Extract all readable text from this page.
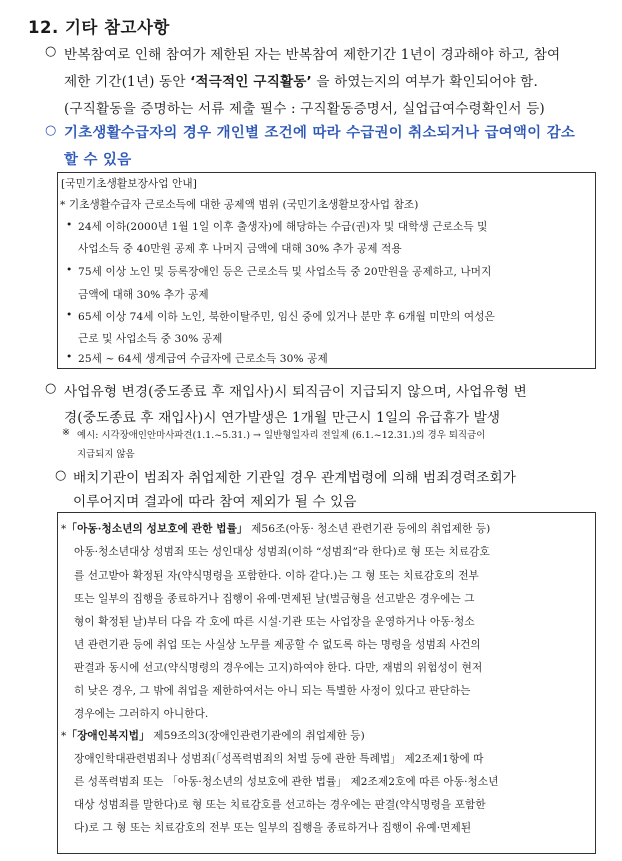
12. 기타 참고사항
○ 반복참여로 인해 참여가 제한된 자는 반복참여 제한기간 1년이 경과해야 하고, 참여
제한 기간(1년) 동안 ‘적극적인 구직활동’ 을 하였는지의 여부가 확인되어야 함.
(구직활동을 증명하는 서류 제출 필수 : 구직활동증명서, 실업급여수령확인서 등)
○ 기초생활수급자의 경우 개인별 조건에 따라 수급권이 취소되거나 급여액이 감소
할 수 있음
[국민기초생활보장사업 안내]
* 기초생활수급자 근로소득에 대한 공제액 범위 (국민기초생활보장사업 참조)
• 24세 이하(2000년 1월 1일 이후 출생자)에 해당하는 수급(권)자 및 대학생 근로소득 및
사업소득 중 40만원 공제 후 나머지 금액에 대해 30% 추가 공제 적용
• 75세 이상 노인 및 등록장애인 등은 근로소득 및 사업소득 중 20만원을 공제하고, 나머지
금액에 대해 30% 추가 공제
• 65세 이상 74세 이하 노인, 북한이탈주민, 임신 중에 있거나 분만 후 6개월 미만의 여성은
근로 및 사업소득 중 30% 공제
• 25세 ~ 64세 생계급여 수급자에 근로소득 30% 공제
○ 사업유형 변경(중도종료 후 재입사)시 퇴직금이 지급되지 않으며, 사업유형 변
경(중도종료 후 재입사)시 연가발생은 1개월 만근시 1일의 유급휴가 발생
※ 예시: 시각장애인안마사파견(1.1.~5.31.) → 일반형일자리 전일제 (6.1.~12.31.)의 경우 퇴직금이
지급되지 않음
○ 배치기관이 범죄자 취업제한 기관일 경우 관계법령에 의해 범죄경력조회가
이루어지며 결과에 따라 참여 제외가 될 수 있음
*「아동·청소년의 성보호에 관한 법률」 제56조(아동· 청소년 관련기관 등에의 취업제한 등)
아동·청소년대상 성범죄 또는 성인대상 성범죄(이하 “성범죄”라 한다)로 형 또는 치료감호
를 선고받아 확정된 자(약식명령을 포함한다. 이하 같다.)는 그 형 또는 치료감호의 전부
또는 일부의 집행을 종료하거나 집행이 유예·면제된 날(벌금형을 선고받은 경우에는 그
형이 확정된 날)부터 다음 각 호에 따른 시설·기관 또는 사업장을 운영하거나 아동·청소
년 관련기관 등에 취업 또는 사실상 노무를 제공할 수 없도록 하는 명령을 성범죄 사건의
판결과 동시에 선고(약식명령의 경우에는 고지)하여야 한다. 다만, 재범의 위험성이 현저
히 낮은 경우, 그 밖에 취업을 제한하여서는 아니 되는 특별한 사정이 있다고 판단하는
경우에는 그러하지 아니한다.
*「장애인복지법」 제59조의3(장애인관련기관에의 취업제한 등)
장애인학대관련범죄나 성범죄(「성폭력범죄의 처벌 등에 관한 특례법」 제2조제1항에 따
른 성폭력범죄 또는 「아동·청소년의 성보호에 관한 법률」 제2조제2호에 따른 아동·청소년
대상 성범죄를 말한다)로 형 또는 치료감호를 선고하는 경우에는 판결(약식명령을 포함한
다)로 그 형 또는 치료감호의 전부 또는 일부의 집행을 종료하거나 집행이 유예·면제된
